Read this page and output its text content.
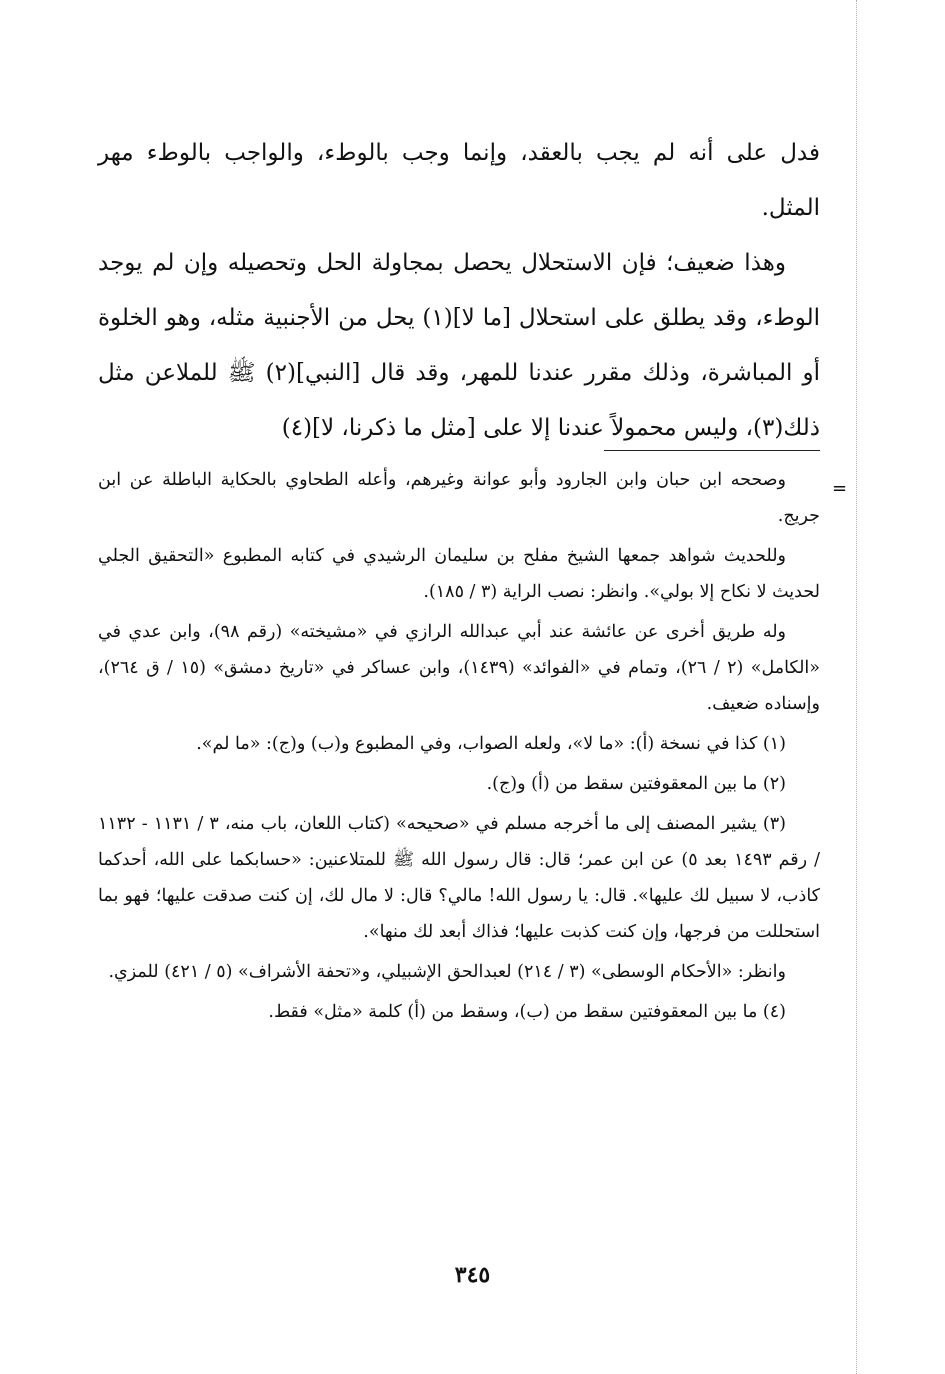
فدل على أنه لم يجب بالعقد، وإنما وجب بالوطء، والواجب بالوطء مهر المثل.

وهذا ضعيف؛ فإن الاستحلال يحصل بمجاولة الحل وتحصيله وإن لم يوجد الوطء، وقد يطلق على استحلال [ما لا](١) يحل من الأجنبية مثله، وهو الخلوة أو المباشرة، وذلك مقرر عندنا للمهر، وقد قال [النبي](٢) ﷺ للملاعن مثل ذلك(٣)، وليس محمولاً عندنا إلا على [مثل ما ذكرنا، لا](٤)

=

وصححه ابن حبان وابن الجارود وأبو عوانة وغيرهم، وأعله الطحاوي بالحكاية الباطلة عن ابن جريج.

وللحديث شواهد جمعها الشيخ مفلح بن سليمان الرشيدي في كتابه المطبوع «التحقيق الجلي لحديث لا نكاح إلا بولي». وانظر: نصب الراية (٣ / ١٨٥).

وله طريق أخرى عن عائشة عند أبي عبدالله الرازي في «مشيخته» (رقم ٩٨)، وابن عدي في «الكامل» (٢ / ٢٦)، وتمام في «الفوائد» (١٤٣٩)، وابن عساكر في «تاريخ دمشق» (١٥ / ق ٢٦٤)، وإسناده ضعيف.

(١) كذا في نسخة (أ): «ما لا»، ولعله الصواب، وفي المطبوع و(ب) و(ج): «ما لم».

(٢) ما بين المعقوفتين سقط من (أ) و(ج).

(٣) يشير المصنف إلى ما أخرجه مسلم في «صحيحه» (كتاب اللعان، باب منه، ٣ / ١١٣١ - ١١٣٢ / رقم ١٤٩٣ بعد ٥) عن ابن عمر؛ قال: قال رسول الله ﷺ للمتلاعنين: «حسابكما على الله، أحدكما كاذب، لا سبيل لك عليها». قال: يا رسول الله! مالي؟ قال: لا مال لك، إن كنت صدقت عليها؛ فهو بما استحللت من فرجها، وإن كنت كذبت عليها؛ فذاك أبعد لك منها».

وانظر: «الأحكام الوسطى» (٣ / ٢١٤) لعبدالحق الإشبيلي، و«تحفة الأشراف» (٥ / ٤٢١) للمزي.

(٤) ما بين المعقوفتين سقط من (ب)، وسقط من (أ) كلمة «مثل» فقط.

٣٤٥
